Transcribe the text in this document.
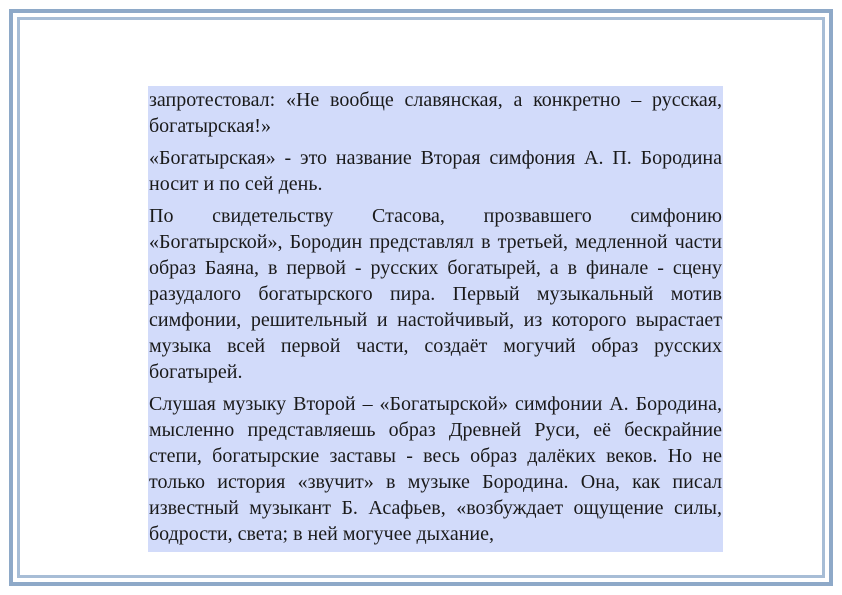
запротестовал: «Не вообще славянская, а конкретно – русская, богатырская!»

«Богатырская» - это название Вторая симфония А. П. Бородина носит и по сей день.

По свидетельству Стасова, прозвавшего симфонию «Богатырской», Бородин представлял в третьей, медленной части образ Баяна, в первой - русских богатырей, а в финале - сцену разудалого богатырского пира. Первый музыкальный мотив симфонии, решительный и настойчивый, из которого вырастает музыка всей первой части, создаёт могучий образ русских богатырей.

Слушая музыку Второй – «Богатырской» симфонии А. Бородина, мысленно представляешь образ Древней Руси, её бескрайние степи, богатырские заставы - весь образ далёких веков. Но не только история «звучит» в музыке Бородина. Она, как писал известный музыкант Б. Асафьев, «возбуждает ощущение силы, бодрости, света; в ней могучее дыхание,
